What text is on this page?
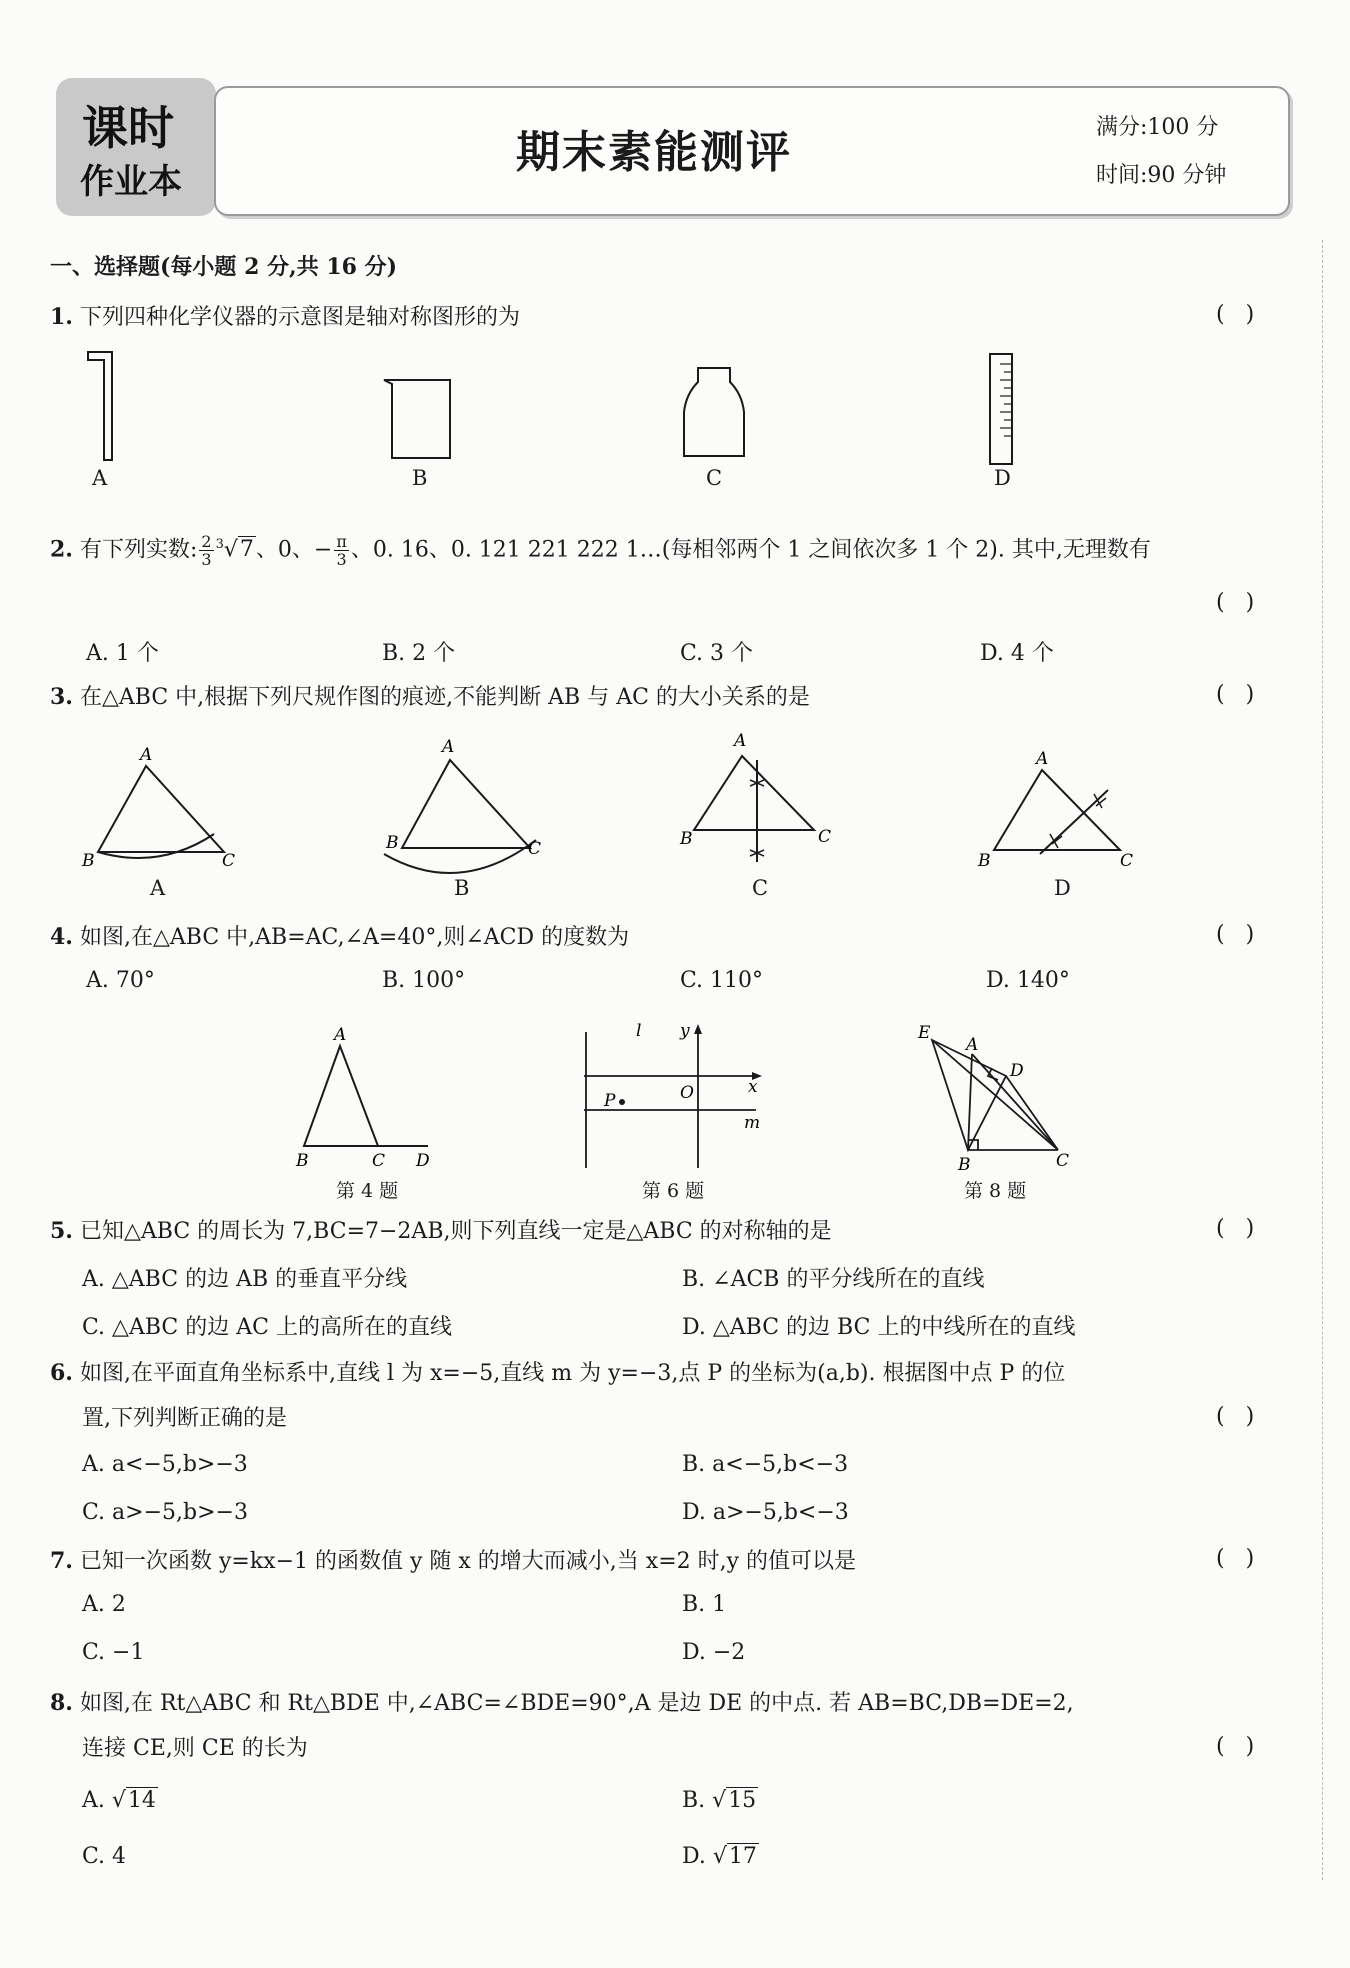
课时
作业本
期末素能测评	满分:100 分
时间:90 分钟
一、选择题(每小题 2 分,共 16 分)
1. 下列四种化学仪器的示意图是轴对称图形的为	(   )
A	B	C	D
2. 有下列实数: $\frac{2}{3} ^3√7$、0、− $\frac{\pi}{3}$ 、0. 16、0. 121 221 222 1…(每相邻两个 1 之间依次多 1 个 2). 其中,无理数有
(   )
A. 1 个	B. 2 个	C. 3 个	D. 4 个
3. 在△ABC 中,根据下列尺规作图的痕迹,不能判断 AB 与 AC 的大小关系的是	(   )
A
B	C
A
B	C
A
B	C
A
B	C
A	B	C	D
4. 如图,在△ABC 中,AB=AC,∠A=40°,则∠ACD 的度数为	(   )
A. 70°	B. 100°	C. 110°	D. 140°
A
B	C D
l y
O	x
P
m
E
A
D
B	C
第 4 题	第 6 题	第 8 题
5. 已知△ABC 的周长为 7,BC=7−2AB,则下列直线一定是△ABC 的对称轴的是	(   )
A. △ABC 的边 AB 的垂直平分线	B. ∠ACB 的平分线所在的直线
C. △ABC 的边 AC 上的高所在的直线	D. △ABC 的边 BC 上的中线所在的直线
6. 如图,在平面直角坐标系中,直线 l 为 x=−5,直线 m 为 y=−3,点 P 的坐标为(a,b). 根据图中点 P 的位
置,下列判断正确的是	(   )
A. a<−5,b>−3	B. a<−5,b<−3
C. a>−5,b>−3	D. a>−5,b<−3
7. 已知一次函数 y=kx−1 的函数值 y 随 x 的增大而减小,当 x=2 时,y 的值可以是	(   )
A. 2	B. 1
C. −1	D. −2
8. 如图,在 Rt△ABC 和 Rt△BDE 中,∠ABC=∠BDE=90°,A 是边 DE 的中点. 若 AB=BC,DB=DE=2,
连接 CE,则 CE 的长为	(   )
A. √14	B. √15
C. 4	D. √17
